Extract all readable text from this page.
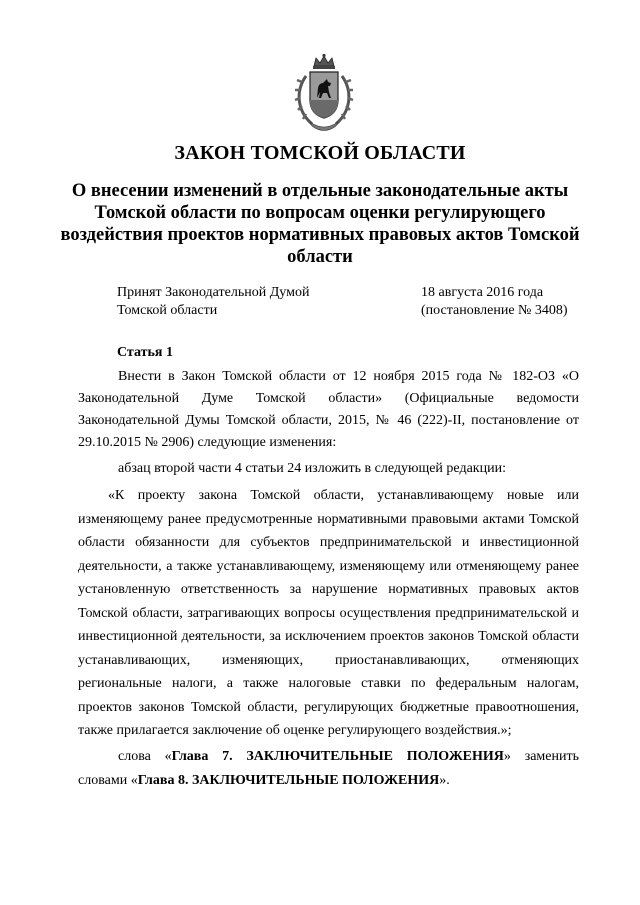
ЗАКОН ТОМСКОЙ ОБЛАСТИ
О внесении изменений в отдельные законодательные акты Томской области по вопросам оценки регулирующего воздействия проектов нормативных правовых актов Томской области
Принят Законодательной Думой
Томской области
18 августа 2016 года
(постановление № 3408)
Статья 1

Внести в Закон Томской области от 12 ноября 2015 года № 182-ОЗ «О Законодательной Думе Томской области» (Официальные ведомости Законодательной Думы Томской области, 2015, № 46 (222)-II, постановление от 29.10.2015 № 2906) следующие изменения:

абзац второй части 4 статьи 24 изложить в следующей редакции:

«К проекту закона Томской области, устанавливающему новые или изменяющему ранее предусмотренные нормативными правовыми актами Томской области обязанности для субъектов предпринимательской и инвестиционной деятельности, а также устанавливающему, изменяющему или отменяющему ранее установленную ответственность за нарушение нормативных правовых актов Томской области, затрагивающих вопросы осуществления предпринимательской и инвестиционной деятельности, за исключением проектов законов Томской области устанавливающих, изменяющих, приостанавливающих, отменяющих региональные налоги, а также налоговые ставки по федеральным налогам, проектов законов Томской области, регулирующих бюджетные правоотношения, также прилагается заключение об оценке регулирующего воздействия.»;

слова «Глава 7. ЗАКЛЮЧИТЕЛЬНЫЕ ПОЛОЖЕНИЯ» заменить словами «Глава 8. ЗАКЛЮЧИТЕЛЬНЫЕ ПОЛОЖЕНИЯ».
